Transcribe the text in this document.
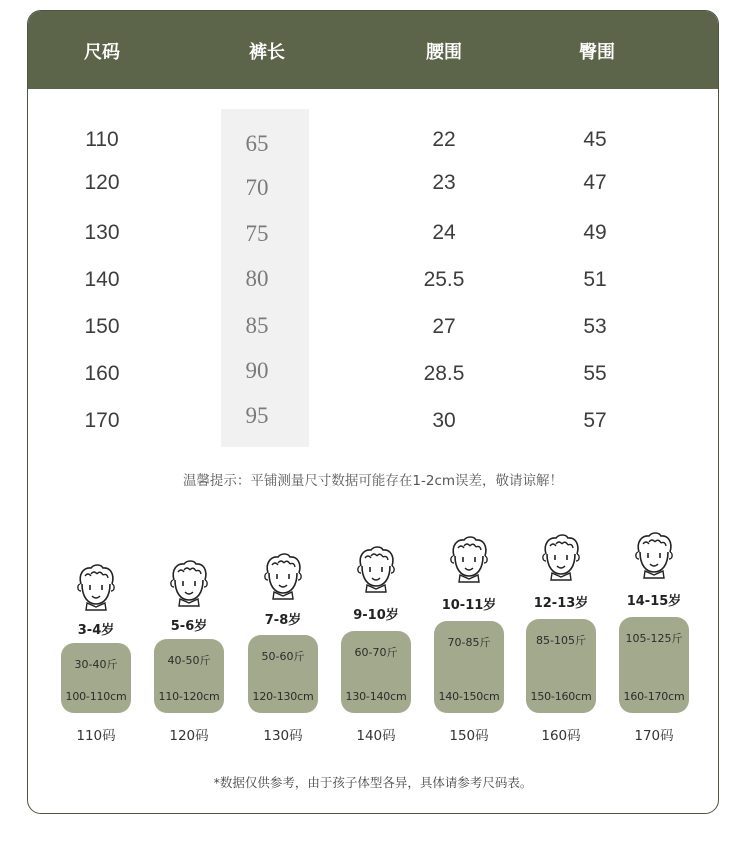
尺码	裤长	腰围	臀围
110	65	22	45
120	70	23	47
130	75	24	49
140	80	25.5	51
150	85	27	53
160	90	28.5	55
170	95	30	57
温馨提示：平铺测量尺寸数据可能存在1-2cm误差，敬请谅解！
3-4岁
30-40斤
100-110cm
110码
5-6岁
40-50斤
110-120cm
120码
7-8岁
50-60斤
120-130cm
130码
9-10岁
60-70斤
130-140cm
140码
10-11岁
70-85斤
140-150cm
150码
12-13岁
85-105斤
150-160cm
160码
14-15岁
105-125斤
160-170cm
170码
*数据仅供参考，由于孩子体型各异，具体请参考尺码表。
